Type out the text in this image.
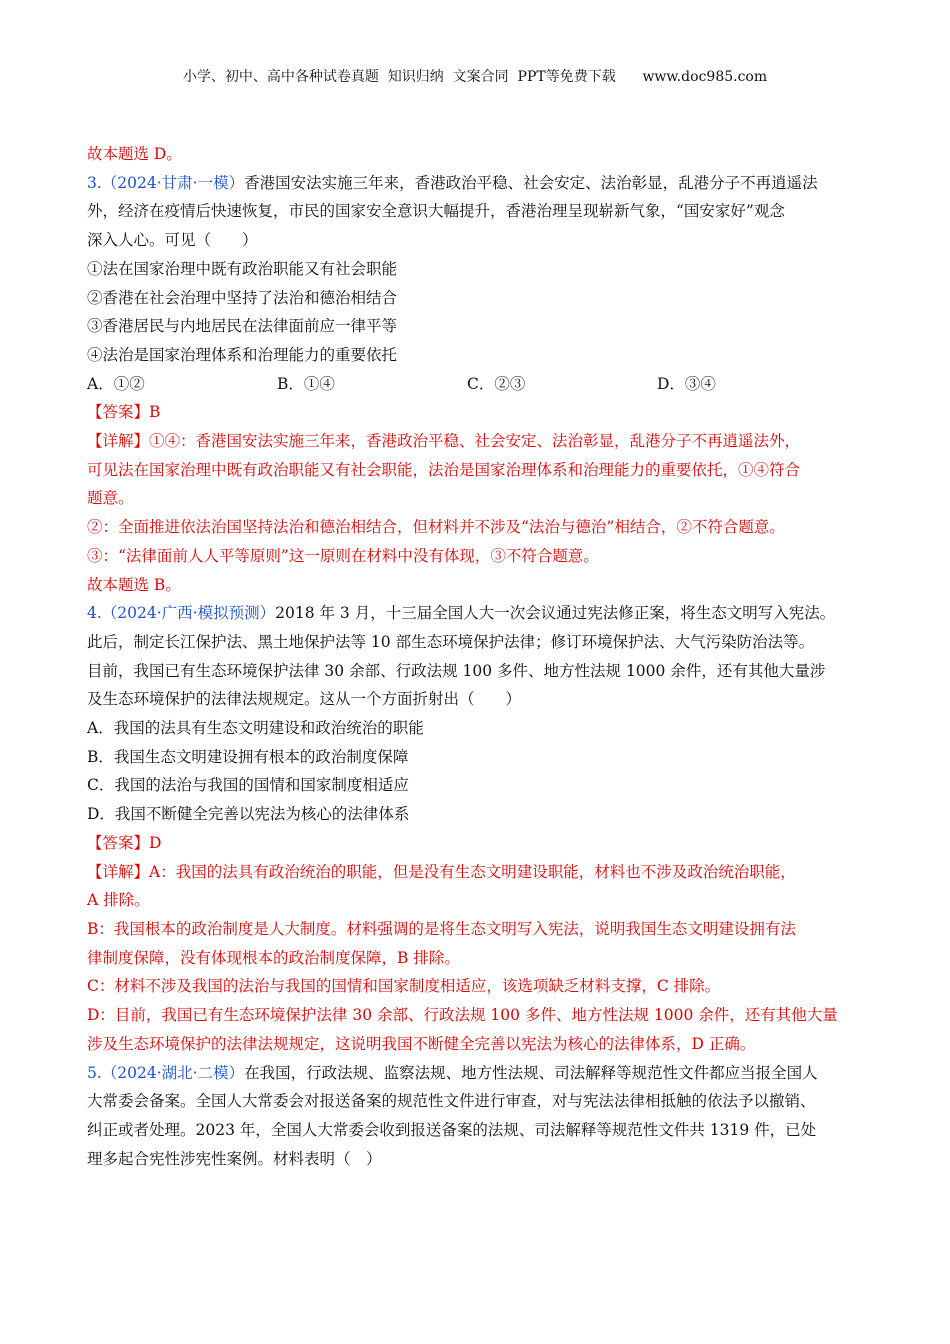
小学、初中、高中各种试卷真题  知识归纳  文案合同  PPT等免费下载      www.doc985.com
故本题选 D。
3.（2024·甘肃·一模）香港国安法实施三年来，香港政治平稳、社会安定、法治彰显，乱港分子不再逍遥法
外，经济在疫情后快速恢复，市民的国家安全意识大幅提升，香港治理呈现崭新气象，“国安家好”观念
深入人心。可见（　　）
①法在国家治理中既有政治职能又有社会职能
②香港在社会治理中坚持了法治和德治相结合
③香港居民与内地居民在法律面前应一律平等
④法治是国家治理体系和治理能力的重要依托
A．①②	B．①④	C．②③	D．③④
【答案】B
【详解】①④：香港国安法实施三年来，香港政治平稳、社会安定、法治彰显，乱港分子不再逍遥法外，
可见法在国家治理中既有政治职能又有社会职能，法治是国家治理体系和治理能力的重要依托，①④符合
题意。
②：全面推进依法治国坚持法治和德治相结合，但材料并不涉及“法治与德治”相结合，②不符合题意。
③：“法律面前人人平等原则”这一原则在材料中没有体现，③不符合题意。
故本题选 B。
4.（2024·广西·模拟预测）2018 年 3 月，十三届全国人大一次会议通过宪法修正案，将生态文明写入宪法。
此后，制定长江保护法、黑土地保护法等 10 部生态环境保护法律；修订环境保护法、大气污染防治法等。
目前，我国已有生态环境保护法律 30 余部、行政法规 100 多件、地方性法规 1000 余件，还有其他大量涉
及生态环境保护的法律法规规定。这从一个方面折射出（　　）
A．我国的法具有生态文明建设和政治统治的职能
B．我国生态文明建设拥有根本的政治制度保障
C．我国的法治与我国的国情和国家制度相适应
D．我国不断健全完善以宪法为核心的法律体系
【答案】D
【详解】A：我国的法具有政治统治的职能，但是没有生态文明建设职能，材料也不涉及政治统治职能，
A 排除。
B：我国根本的政治制度是人大制度。材料强调的是将生态文明写入宪法，说明我国生态文明建设拥有法
律制度保障，没有体现根本的政治制度保障，B 排除。
C：材料不涉及我国的法治与我国的国情和国家制度相适应，该选项缺乏材料支撑，C 排除。
D：目前，我国已有生态环境保护法律 30 余部、行政法规 100 多件、地方性法规 1000 余件，还有其他大量
涉及生态环境保护的法律法规规定，这说明我国不断健全完善以宪法为核心的法律体系，D 正确。
5.（2024·湖北·二模）在我国，行政法规、监察法规、地方性法规、司法解释等规范性文件都应当报全国人
大常委会备案。全国人大常委会对报送备案的规范性文件进行审查，对与宪法法律相抵触的依法予以撤销、
纠正或者处理。2023 年，全国人大常委会收到报送备案的法规、司法解释等规范性文件共 1319 件，已处
理多起合宪性涉宪性案例。材料表明（　）
